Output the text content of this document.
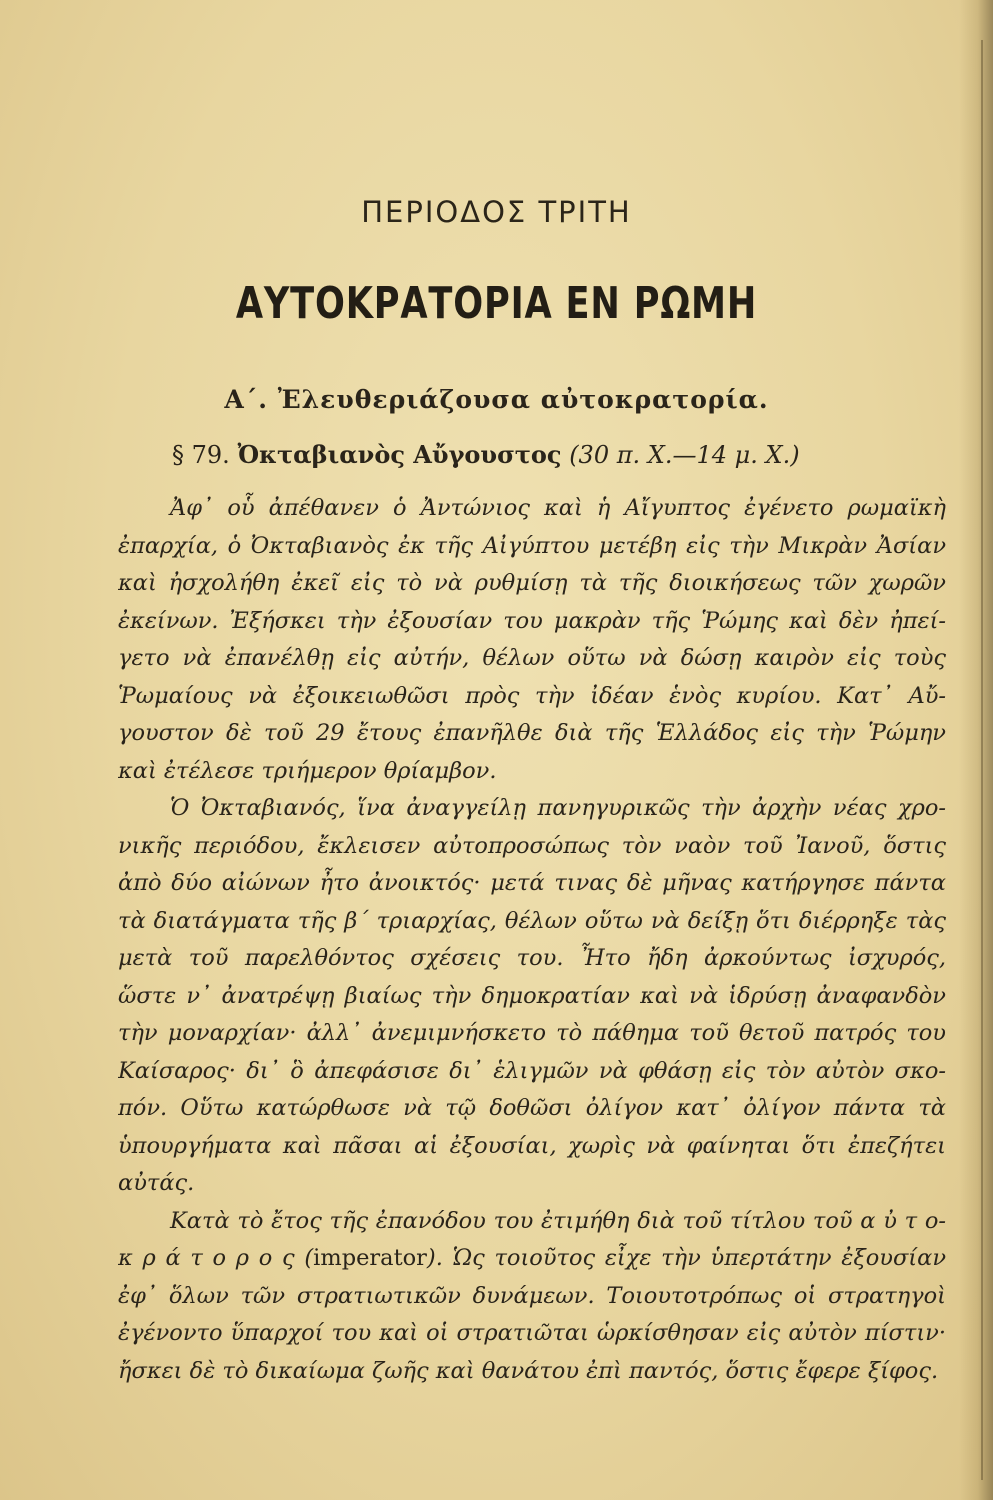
ΠΕΡΙΟΔΟΣ ΤΡΙΤΗ
ΑΥΤΟΚΡΑΤΟΡΙΑ ΕΝ ΡΩΜΗ
Α΄. Ἐλευθεριάζουσα αὐτοκρατορία.
§ 79. Ὀκταβιανὸς Αὔγουστος (30 π. Χ.—14 μ. Χ.)
Ἀφ᾽ οὗ ἀπέθανεν ὁ Ἀντώνιος καὶ ἡ Αἴγυπτος ἐγένετο ρωμαϊκὴ
ἐπαρχία, ὁ Ὀκταβιανὸς ἐκ τῆς Αἰγύπτου μετέβη εἰς τὴν Μικρὰν Ἀσίαν
καὶ ἠσχολήθη ἐκεῖ εἰς τὸ νὰ ρυθμίσῃ τὰ τῆς διοικήσεως τῶν χωρῶν
ἐκείνων. Ἐξήσκει τὴν ἐξουσίαν του μακρὰν τῆς Ῥώμης καὶ δὲν ἠπεί-
γετο νὰ ἐπανέλθῃ εἰς αὐτήν, θέλων οὕτω νὰ δώσῃ καιρὸν εἰς τοὺς
Ῥωμαίους νὰ ἐξοικειωθῶσι πρὸς τὴν ἰδέαν ἑνὸς κυρίου. Κατ᾽ Αὔ-
γουστον δὲ τοῦ 29 ἔτους ἐπανῆλθε διὰ τῆς Ἑλλάδος εἰς τὴν Ῥώμην
καὶ ἐτέλεσε τριήμερον θρίαμβον.
Ὁ Ὀκταβιανός, ἵνα ἀναγγείλῃ πανηγυρικῶς τὴν ἀρχὴν νέας χρο-
νικῆς περιόδου, ἔκλεισεν αὐτοπροσώπως τὸν ναὸν τοῦ Ἰανοῦ, ὅστις
ἀπὸ δύο αἰώνων ἦτο ἀνοικτός· μετά τινας δὲ μῆνας κατήργησε πάντα
τὰ διατάγματα τῆς β΄ τριαρχίας, θέλων οὕτω νὰ δείξῃ ὅτι διέρρηξε τὰς
μετὰ τοῦ παρελθόντος σχέσεις του. Ἦτο ἤδη ἀρκούντως ἰσχυρός,
ὥστε ν᾽ ἀνατρέψῃ βιαίως τὴν δημοκρατίαν καὶ νὰ ἱδρύσῃ ἀναφανδὸν
τὴν μοναρχίαν· ἀλλ᾽ ἀνεμιμνήσκετο τὸ πάθημα τοῦ θετοῦ πατρός του
Καίσαρος· δι᾽ ὃ ἀπεφάσισε δι᾽ ἑλιγμῶν νὰ φθάσῃ εἰς τὸν αὐτὸν σκο-
πόν. Οὕτω κατώρθωσε νὰ τῷ δοθῶσι ὀλίγον κατ᾽ ὀλίγον πάντα τὰ
ὑπουργήματα καὶ πᾶσαι αἱ ἐξουσίαι, χωρὶς νὰ φαίνηται ὅτι ἐπεζήτει
αὐτάς.
Κατὰ τὸ ἔτος τῆς ἐπανόδου του ἐτιμήθη διὰ τοῦ τίτλου τοῦ α ὐ τ ο-
κ ρ ά τ ο ρ ο ς (imperator). Ὡς τοιοῦτος εἶχε τὴν ὑπερτάτην ἐξουσίαν
ἐφ᾽ ὅλων τῶν στρατιωτικῶν δυνάμεων. Τοιουτοτρόπως οἱ στρατηγοὶ
ἐγένοντο ὕπαρχοί του καὶ οἱ στρατιῶται ὡρκίσθησαν εἰς αὐτὸν πίστιν·
ἤσκει δὲ τὸ δικαίωμα ζωῆς καὶ θανάτου ἐπὶ παντός, ὅστις ἔφερε ξίφος.
